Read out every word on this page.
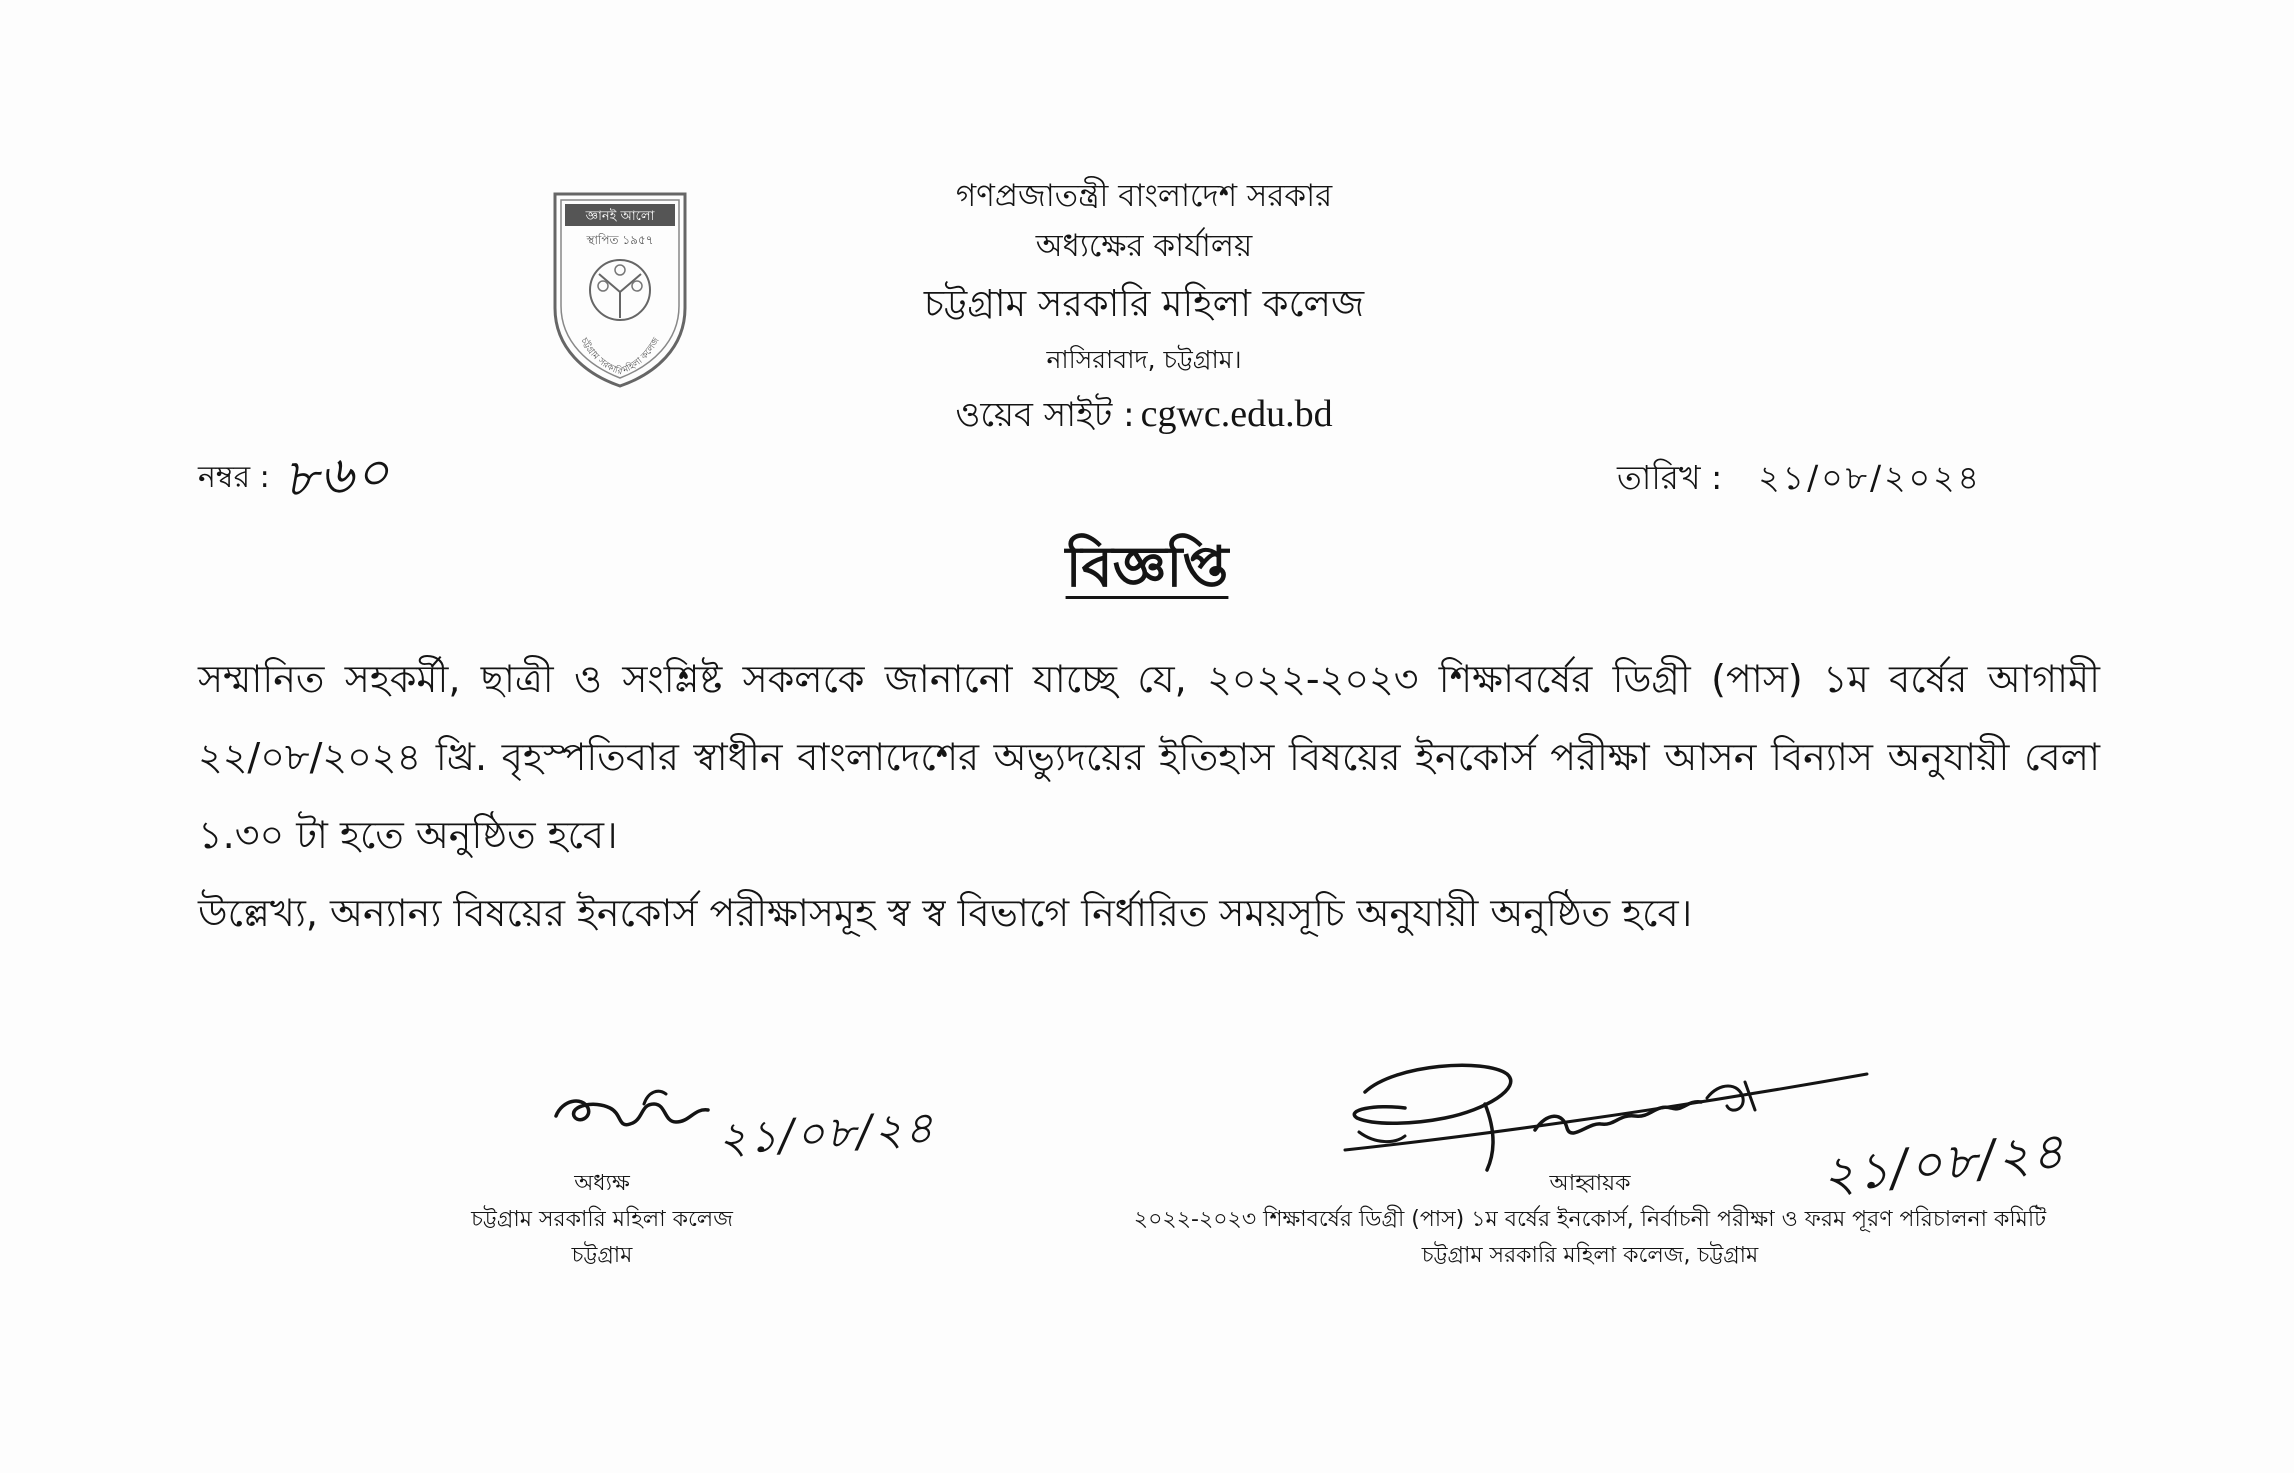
জ্ঞানই আলো
স্থাপিত ১৯৫৭
চট্টগ্রাম সরকারি মহিলা কলেজ
গণপ্রজাতন্ত্রী বাংলাদেশ সরকার
অধ্যক্ষের কার্যালয়
চট্টগ্রাম সরকারি মহিলা কলেজ
নাসিরাবাদ, চট্টগ্রাম।
ওয়েব সাইট : cgwc.edu.bd
নম্বর : ৮৬০	তারিখ : ২১/০৮/২০২৪
বিজ্ঞপ্তি

সম্মানিত সহকর্মী, ছাত্রী ও সংশ্লিষ্ট সকলকে জানানো যাচ্ছে যে, ২০২২-২০২৩ শিক্ষাবর্ষের ডিগ্রী (পাস) ১ম বর্ষের আগামী ২২/০৮/২০২৪ খ্রি. বৃহস্পতিবার স্বাধীন বাংলাদেশের অভ্যুদয়ের ইতিহাস বিষয়ের ইনকোর্স পরীক্ষা আসন বিন্যাস অনুযায়ী বেলা ১.৩০ টা হতে অনুষ্ঠিত হবে।

উল্লেখ্য, অন্যান্য বিষয়ের ইনকোর্স পরীক্ষাসমূহ স্ব স্ব বিভাগে নির্ধারিত সময়সূচি অনুযায়ী অনুষ্ঠিত হবে।

২১/০৮/২৪
অধ্যক্ষ
চট্টগ্রাম সরকারি মহিলা কলেজ
চট্টগ্রাম
২১/০৮/২৪
আহ্বায়ক
২০২২-২০২৩ শিক্ষাবর্ষের ডিগ্রী (পাস) ১ম বর্ষের ইনকোর্স, নির্বাচনী পরীক্ষা ও ফরম পূরণ পরিচালনা কমিটি
চট্টগ্রাম সরকারি মহিলা কলেজ, চট্টগ্রাম
